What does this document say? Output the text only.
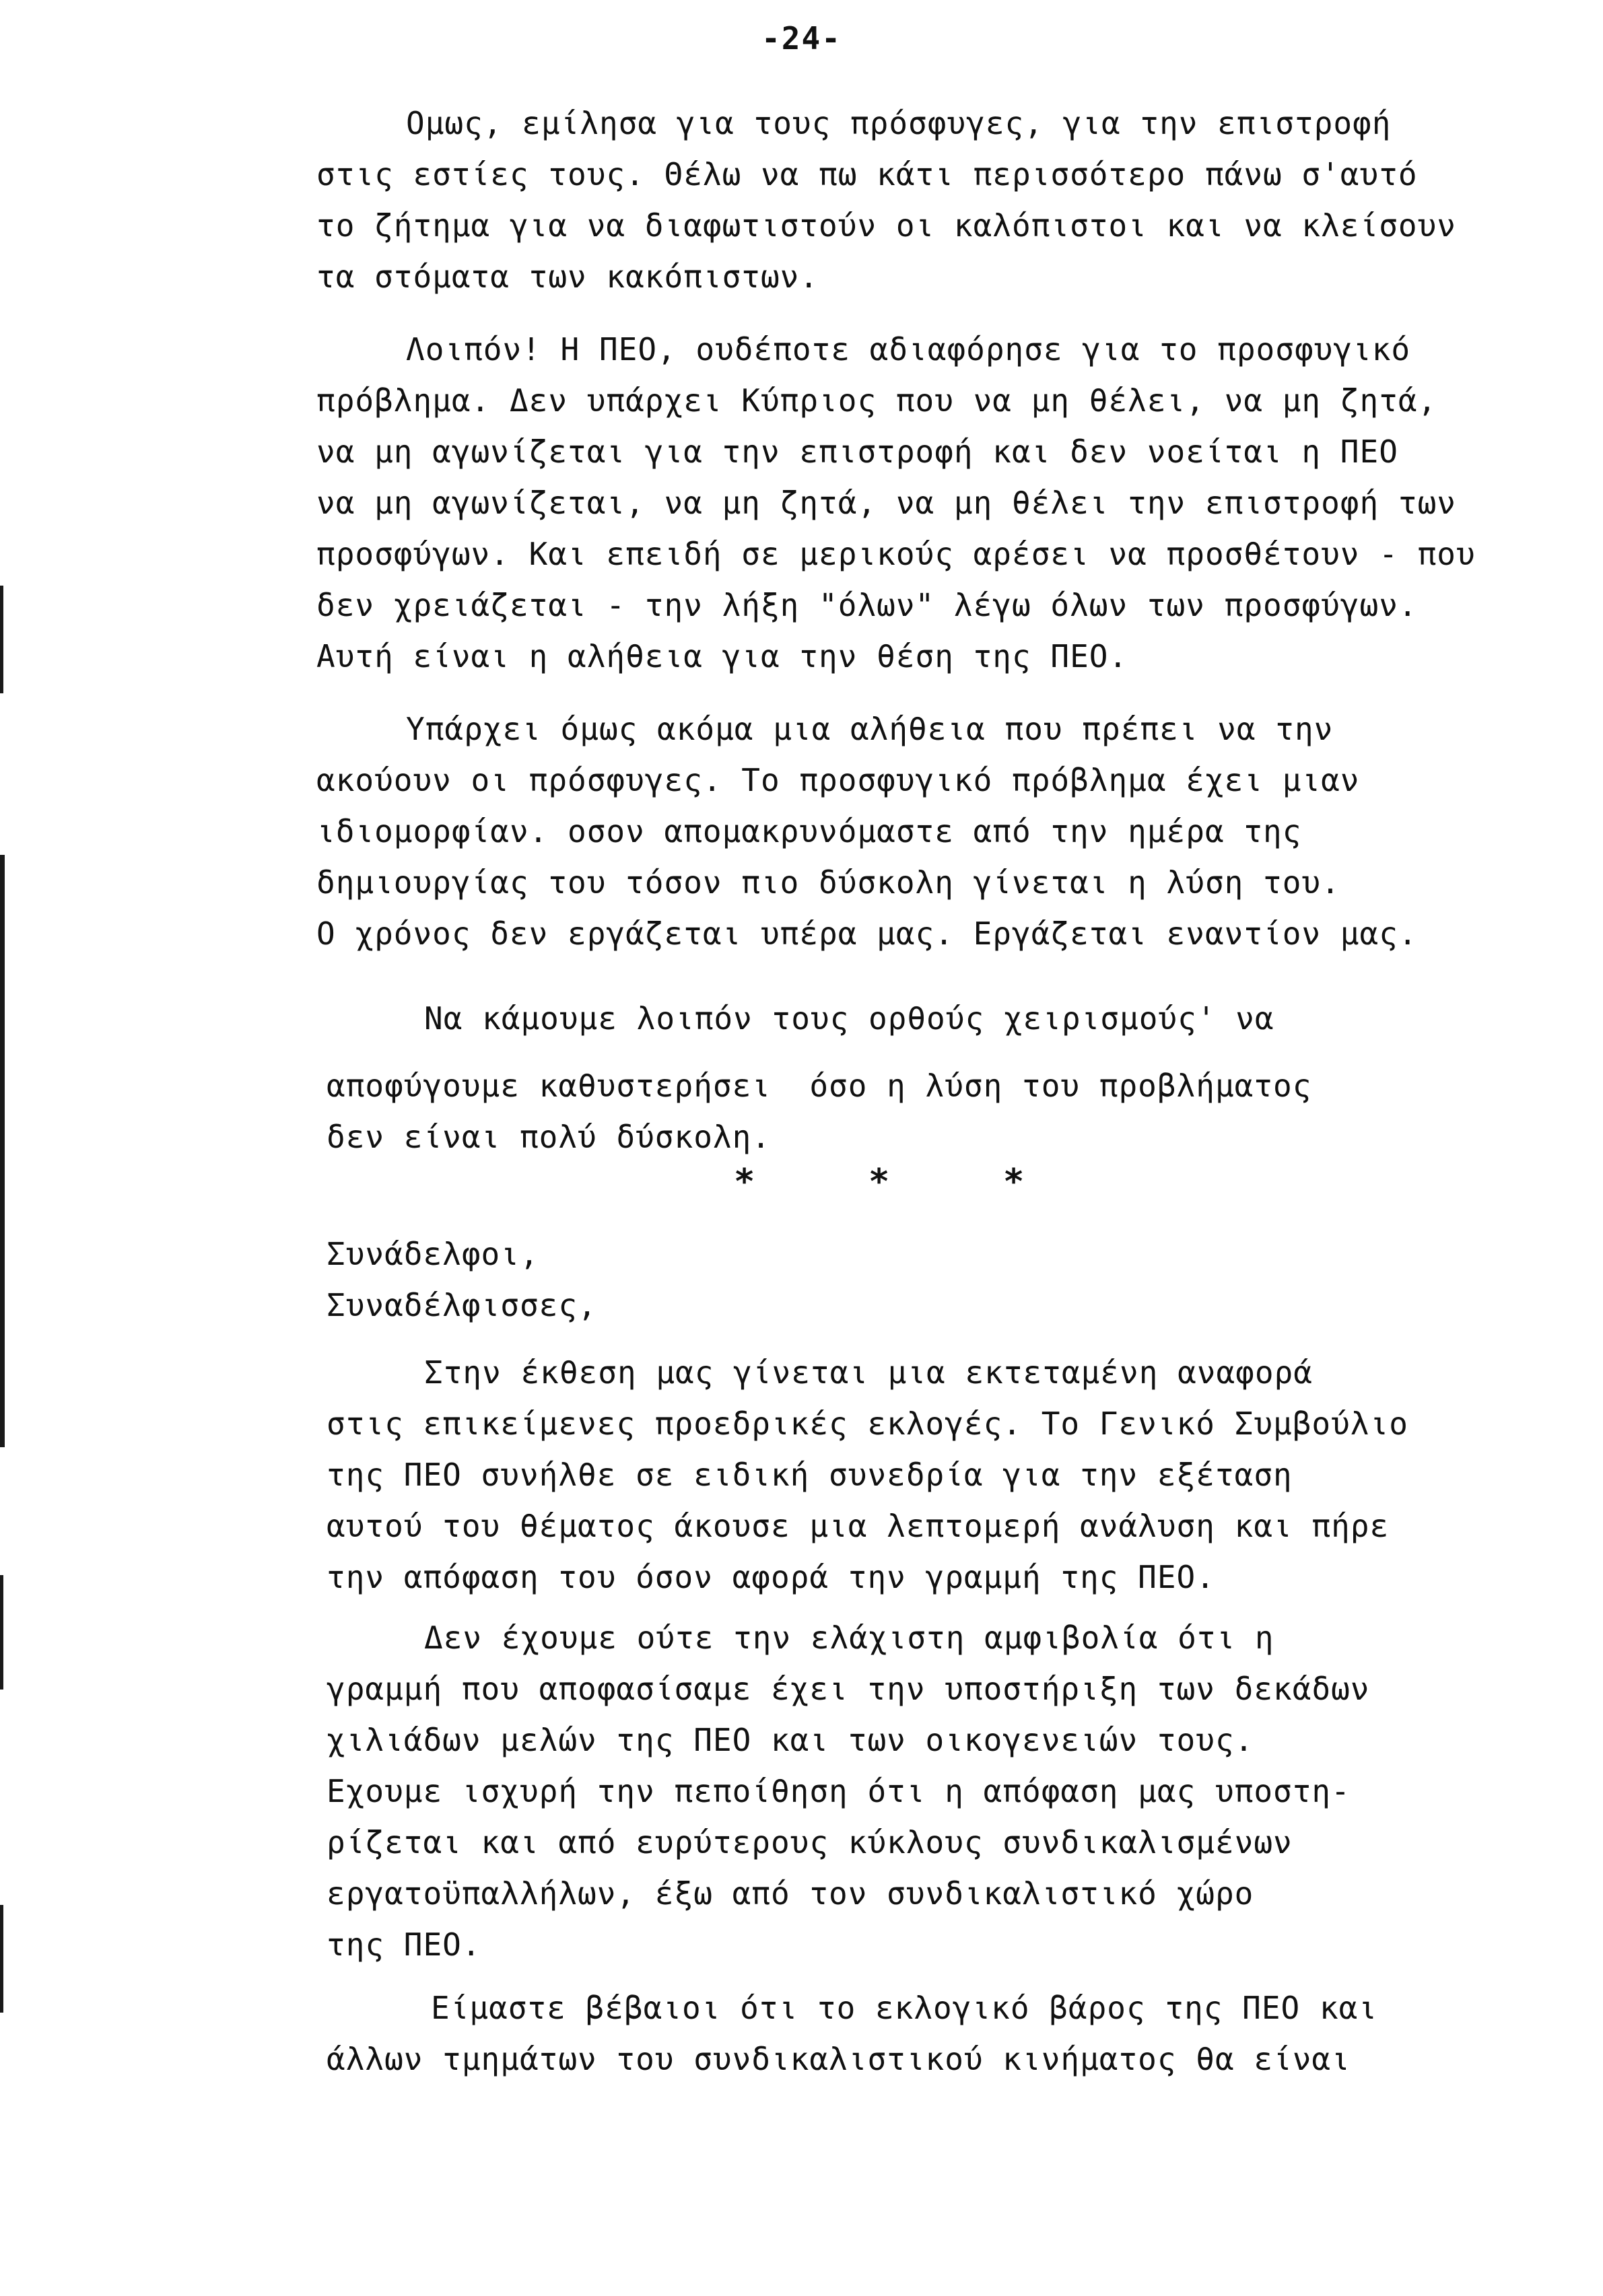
-24-
Ομως, εμίλησα για τους πρόσφυγες, για την επιστροφή
στις εστίες τους. Θέλω να πω κάτι περισσότερο πάνω σ'αυτό
το ζήτημα για να διαφωτιστούν οι καλόπιστοι και να κλείσουν
τα στόματα των κακόπιστων.
Λοιπόν! Η ΠΕΟ, ουδέποτε αδιαφόρησε για το προσφυγικό
πρόβλημα. Δεν υπάρχει Κύπριος που να μη θέλει, να μη ζητά,
να μη αγωνίζεται για την επιστροφή και δεν νοείται η ΠΕΟ
να μη αγωνίζεται, να μη ζητά, να μη θέλει την επιστροφή των
προσφύγων. Και επειδή σε μερικούς αρέσει να προσθέτουν - που
δεν χρειάζεται - την λήξη "όλων" λέγω όλων των προσφύγων.
Αυτή είναι η αλήθεια για την θέση της ΠΕΟ.
Υπάρχει όμως ακόμα μια αλήθεια που πρέπει να την
ακούουν οι πρόσφυγες. Το προσφυγικό πρόβλημα έχει μιαν
ιδιομορφίαν. οσον απομακρυνόμαστε από την ημέρα της
δημιουργίας του τόσον πιο δύσκολη γίνεται η λύση του.
Ο χρόνος δεν εργάζεται υπέρα μας. Εργάζεται εναντίον μας.
Να κάμουμε λοιπόν τους ορθούς χειρισμούς' να
αποφύγουμε καθυστερήσει  όσο η λύση του προβλήματος
δεν είναι πολύ δύσκολη.
*	*	*
Συνάδελφοι,
Συναδέλφισσες,
Στην έκθεση μας γίνεται μια εκτεταμένη αναφορά
στις επικείμενες προεδρικές εκλογές. Το Γενικό Συμβούλιο
της ΠΕΟ συνήλθε σε ειδική συνεδρία για την εξέταση
αυτού του θέματος άκουσε μια λεπτομερή ανάλυση και πήρε
την απόφαση του όσον αφορά την γραμμή της ΠΕΟ.
Δεν έχουμε ούτε την ελάχιστη αμφιβολία ότι η
γραμμή που αποφασίσαμε έχει την υποστήριξη των δεκάδων
χιλιάδων μελών της ΠΕΟ και των οικογενειών τους.
Εχουμε ισχυρή την πεποίθηση ότι η απόφαση μας υποστη-
ρίζεται και από ευρύτερους κύκλους συνδικαλισμένων
εργατοϋπαλλήλων, έξω από τον συνδικαλιστικό χώρο
της ΠΕΟ.
Είμαστε βέβαιοι ότι το εκλογικό βάρος της ΠΕΟ και
άλλων τμημάτων του συνδικαλιστικού κινήματος θα είναι
